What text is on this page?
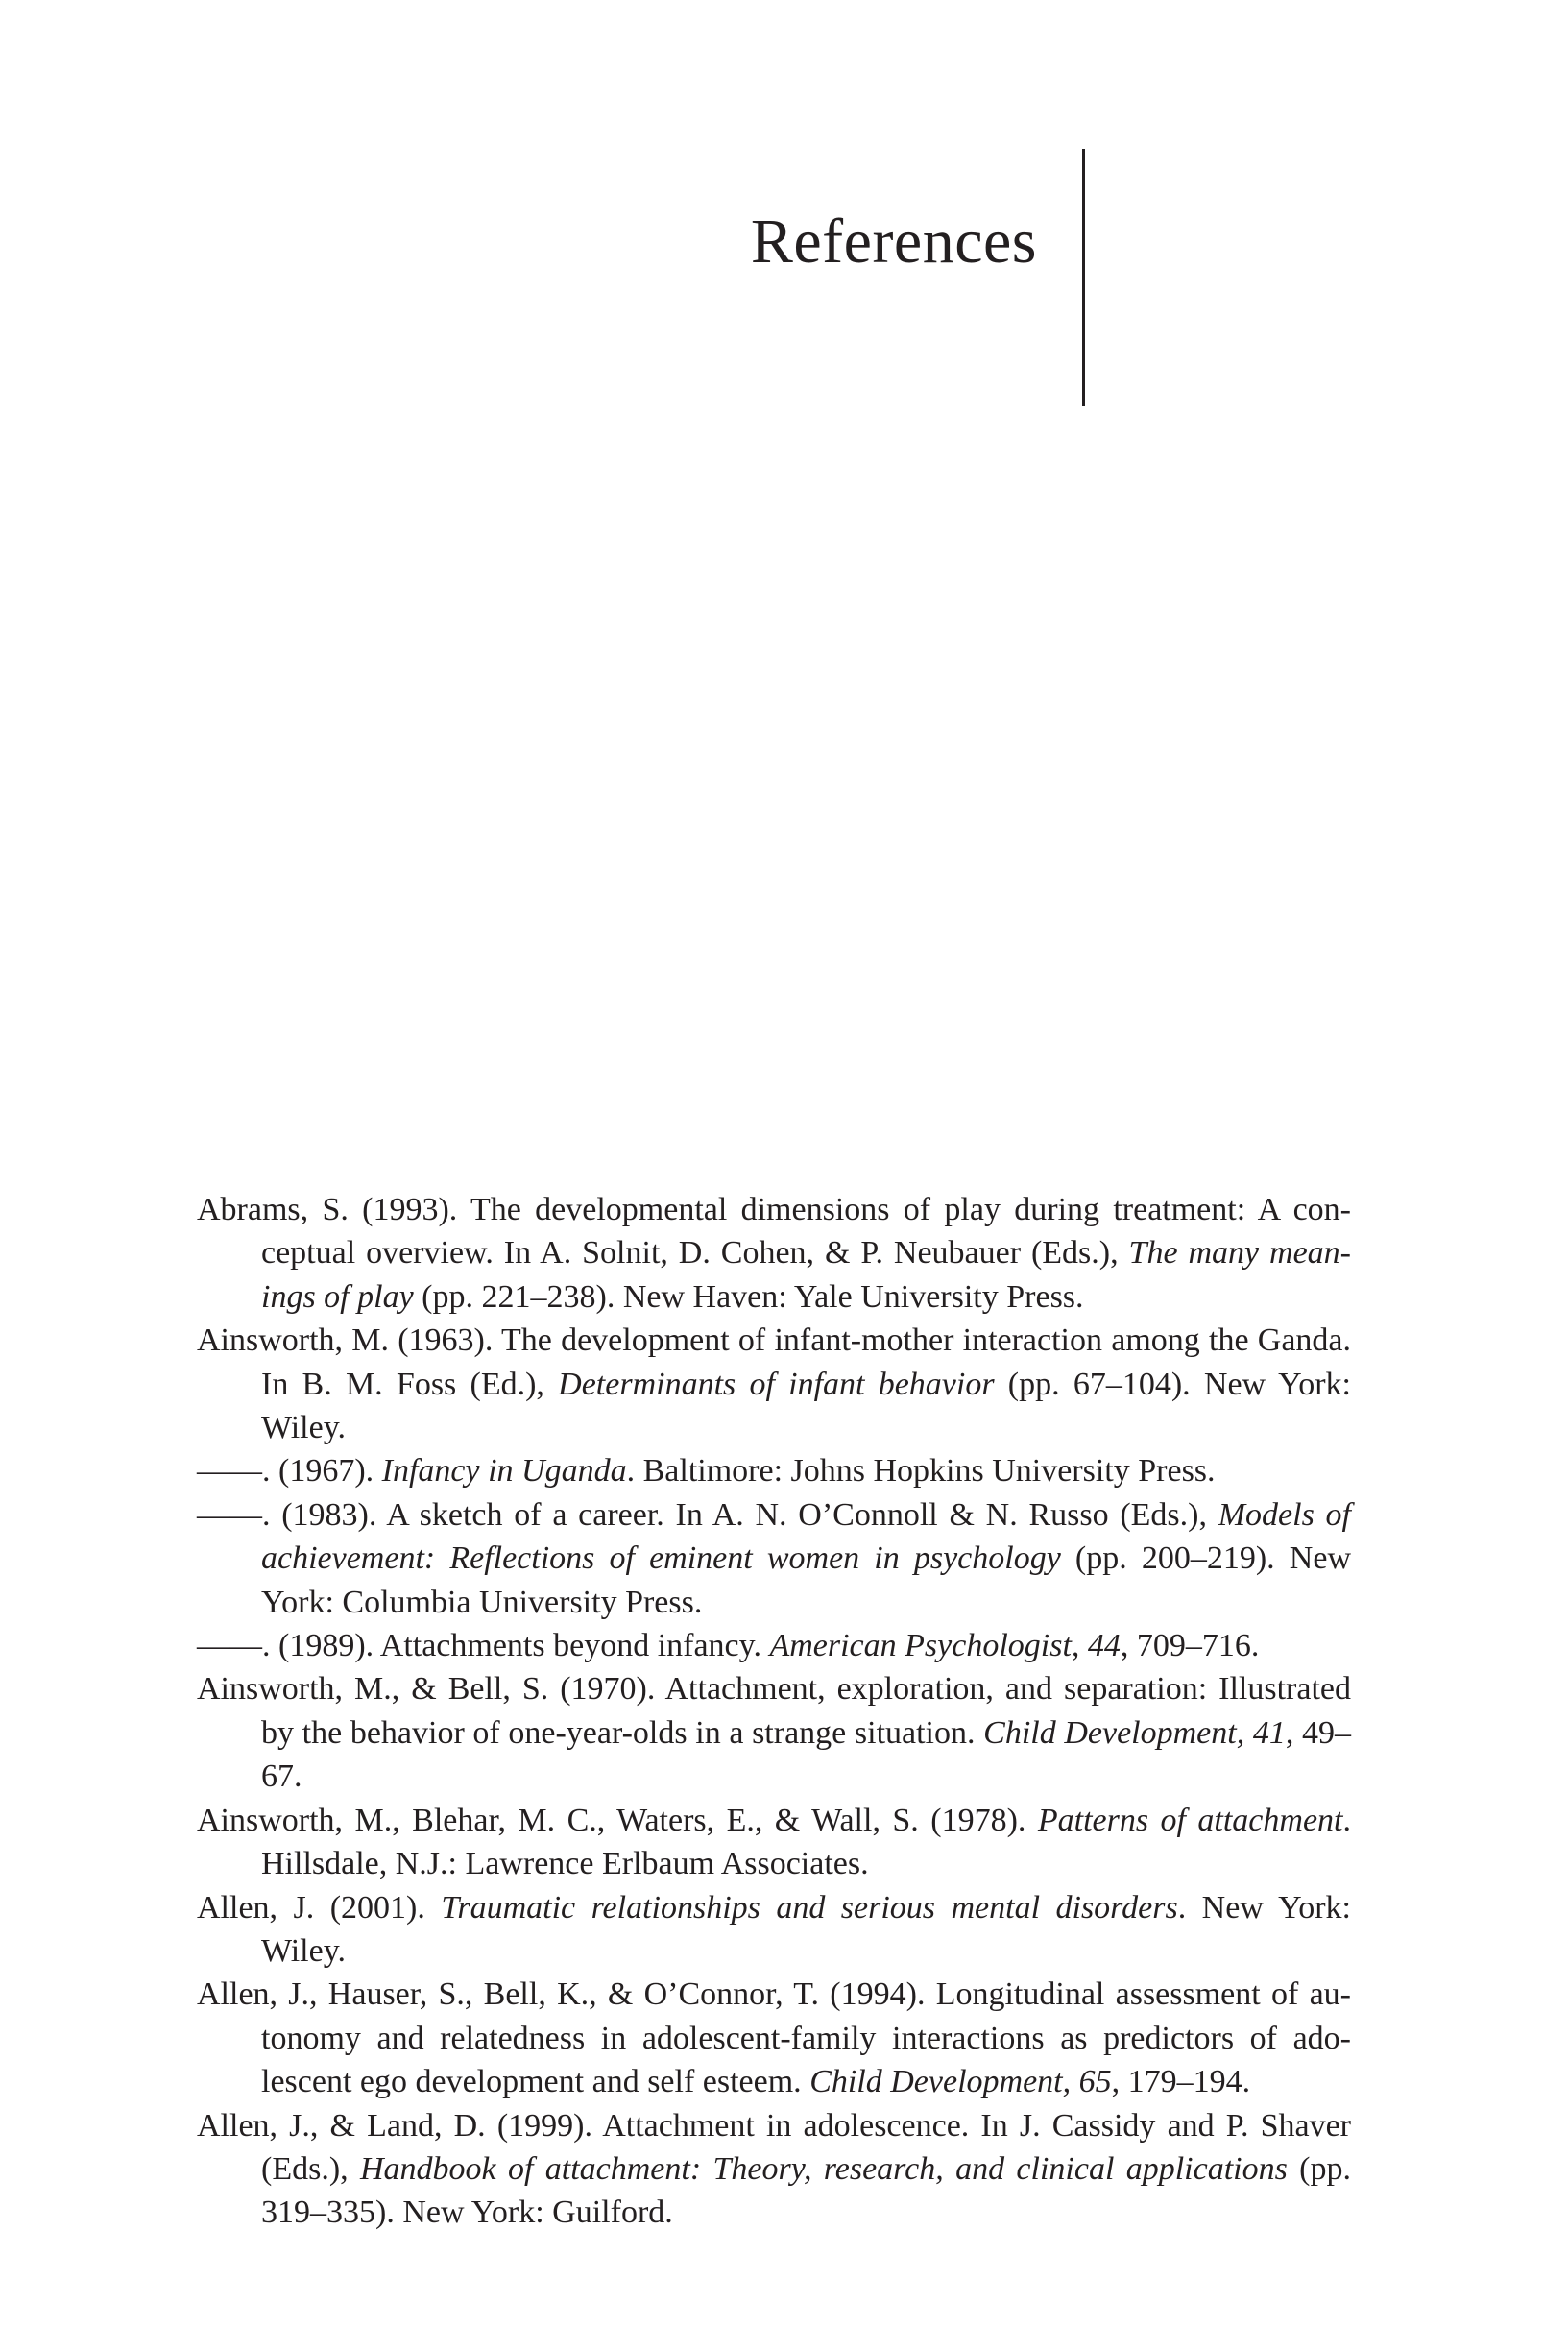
References
Abrams, S. (1993). The developmental dimensions of play during treatment: A conceptual overview. In A. Solnit, D. Cohen, & P. Neubauer (Eds.), The many meanings of play (pp. 221–238). New Haven: Yale University Press.
Ainsworth, M. (1963). The development of infant-mother interaction among the Ganda. In B. M. Foss (Ed.), Determinants of infant behavior (pp. 67–104). New York: Wiley.
——. (1967). Infancy in Uganda. Baltimore: Johns Hopkins University Press.
——. (1983). A sketch of a career. In A. N. O’Connoll & N. Russo (Eds.), Models of achievement: Reflections of eminent women in psychology (pp. 200–219). New York: Columbia University Press.
——. (1989). Attachments beyond infancy. American Psychologist, 44, 709–716.
Ainsworth, M., & Bell, S. (1970). Attachment, exploration, and separation: Illustrated by the behavior of one-year-olds in a strange situation. Child Development, 41, 49–67.
Ainsworth, M., Blehar, M. C., Waters, E., & Wall, S. (1978). Patterns of attachment. Hillsdale, N.J.: Lawrence Erlbaum Associates.
Allen, J. (2001). Traumatic relationships and serious mental disorders. New York: Wiley.
Allen, J., Hauser, S., Bell, K., & O’Connor, T. (1994). Longitudinal assessment of autonomy and relatedness in adolescent-family interactions as predictors of adolescent ego development and self esteem. Child Development, 65, 179–194.
Allen, J., & Land, D. (1999). Attachment in adolescence. In J. Cassidy and P. Shaver (Eds.), Handbook of attachment: Theory, research, and clinical applications (pp. 319–335). New York: Guilford.
